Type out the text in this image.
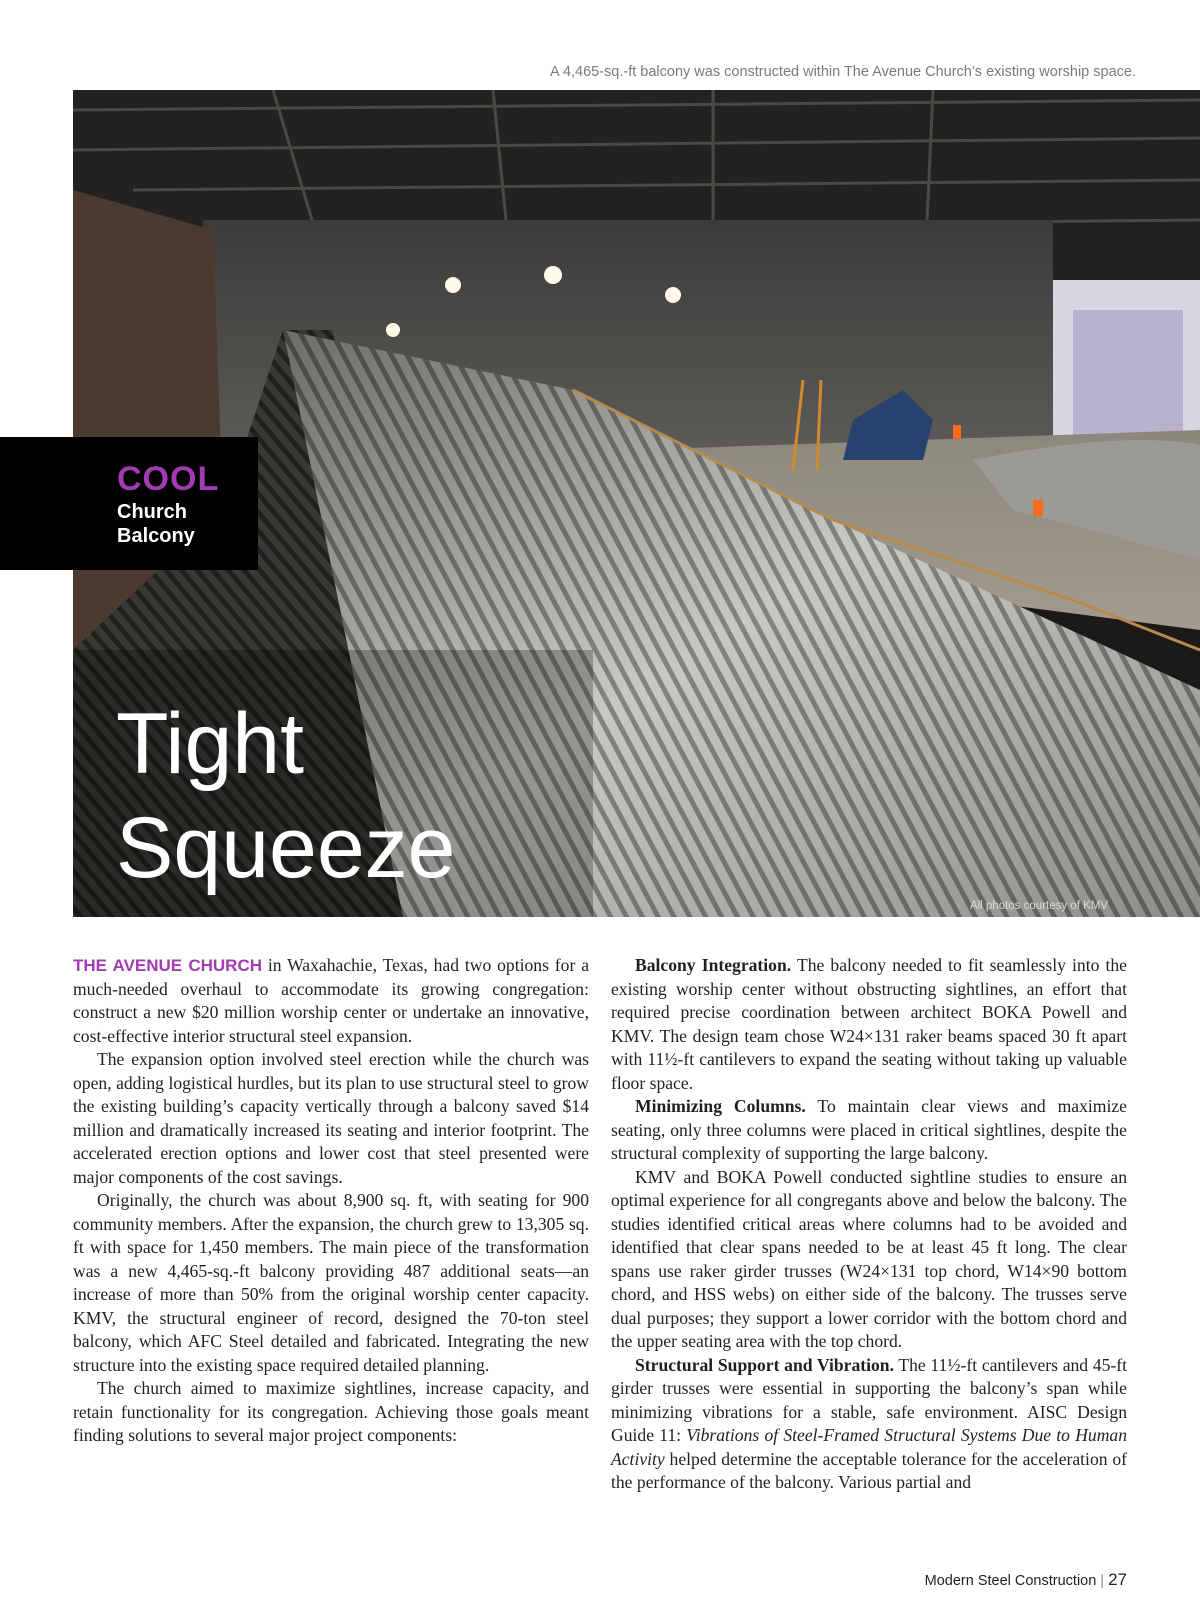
A 4,465-sq.-ft balcony was constructed within The Avenue Church’s existing worship space.
All photos courtesy of KMV
COOL
Church
Balcony
Tight
Squeeze

THE AVENUE CHURCH in Waxahachie, Texas, had two options for a much-needed overhaul to accommodate its growing congregation: construct a new $20 million worship center or undertake an innovative, cost-effective interior structural steel expansion.

The expansion option involved steel erection while the church was open, adding logistical hurdles, but its plan to use structural steel to grow the existing building’s capacity vertically through a balcony saved $14 million and dramatically increased its seating and interior footprint. The accelerated erection options and lower cost that steel presented were major components of the cost savings.

Originally, the church was about 8,900 sq. ft, with seating for 900 community members. After the expansion, the church grew to 13,305 sq. ft with space for 1,450 members. The main piece of the transformation was a new 4,465-sq.-ft balcony providing 487 additional seats—an increase of more than 50% from the original worship center capacity. KMV, the structural engineer of record, designed the 70-ton steel balcony, which AFC Steel detailed and fabricated. Integrating the new structure into the existing space required detailed planning.

The church aimed to maximize sightlines, increase capacity, and retain functionality for its congregation. Achieving those goals meant finding solutions to several major project components:

Balcony Integration. The balcony needed to fit seamlessly into the existing worship center without obstructing sightlines, an effort that required precise coordination between architect BOKA Powell and KMV. The design team chose W24×131 raker beams spaced 30 ft apart with 11½-ft cantilevers to expand the seating without taking up valuable floor space.

Minimizing Columns. To maintain clear views and maximize seating, only three columns were placed in critical sightlines, despite the structural complexity of supporting the large balcony.

KMV and BOKA Powell conducted sightline studies to ensure an optimal experience for all congregants above and below the balcony. The studies identified critical areas where columns had to be avoided and identified that clear spans needed to be at least 45 ft long. The clear spans use raker girder trusses (W24×131 top chord, W14×90 bottom chord, and HSS webs) on either side of the balcony. The trusses serve dual purposes; they support a lower corridor with the bottom chord and the upper seating area with the top chord.

Structural Support and Vibration. The 11½-ft cantilevers and 45-ft girder trusses were essential in supporting the balcony’s span while minimizing vibrations for a stable, safe environment. AISC Design Guide 11: Vibrations of Steel-Framed Structural Systems Due to Human Activity helped determine the acceptable tolerance for the acceleration of the performance of the balcony. Various partial and

Modern Steel Construction | 27
